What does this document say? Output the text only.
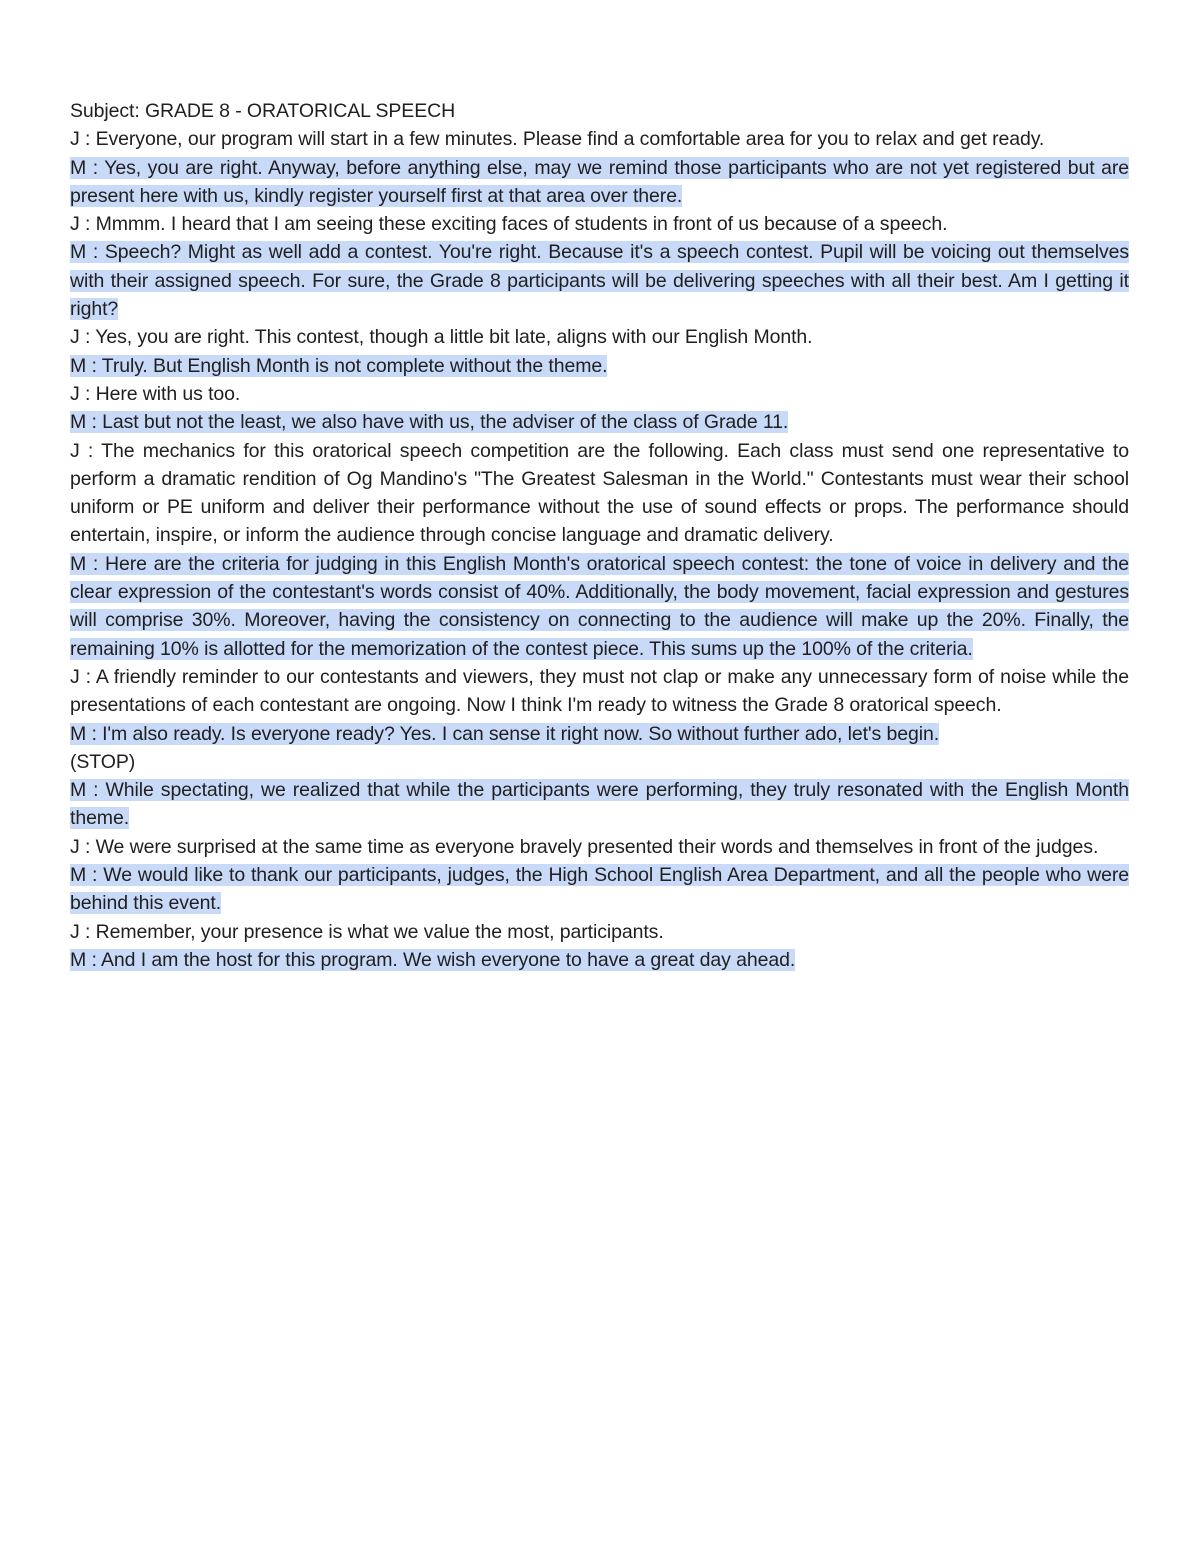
Subject: GRADE 8 - ORATORICAL SPEECH
J : Everyone, our program will start in a few minutes. Please find a comfortable area for you to relax and get ready.
M : Yes, you are right. Anyway, before anything else, may we remind those participants who are not yet registered but are present here with us, kindly register yourself first at that area over there.
J : Mmmm. I heard that I am seeing these exciting faces of students in front of us because of a speech.
M : Speech? Might as well add a contest. You're right. Because it's a speech contest. Pupil will be voicing out themselves with their assigned speech. For sure, the Grade 8 participants will be delivering speeches with all their best. Am I getting it right?
J : Yes, you are right. This contest, though a little bit late, aligns with our English Month.
M : Truly. But English Month is not complete without the theme.
J : Here with us too.
M : Last but not the least, we also have with us, the adviser of the class of Grade 11.
J : The mechanics for this oratorical speech competition are the following. Each class must send one representative to perform a dramatic rendition of Og Mandino's "The Greatest Salesman in the World." Contestants must wear their school uniform or PE uniform and deliver their performance without the use of sound effects or props. The performance should entertain, inspire, or inform the audience through concise language and dramatic delivery.
M : Here are the criteria for judging in this English Month's oratorical speech contest: the tone of voice in delivery and the clear expression of the contestant's words consist of 40%. Additionally, the body movement, facial expression and gestures will comprise 30%. Moreover, having the consistency on connecting to the audience will make up the 20%. Finally, the remaining 10% is allotted for the memorization of the contest piece. This sums up the 100% of the criteria.
J : A friendly reminder to our contestants and viewers, they must not clap or make any unnecessary form of noise while the presentations of each contestant are ongoing. Now I think I'm ready to witness the Grade 8 oratorical speech.
M : I'm also ready. Is everyone ready? Yes. I can sense it right now. So without further ado, let's begin.
(STOP)
M : While spectating, we realized that while the participants were performing, they truly resonated with the English Month theme.
J : We were surprised at the same time as everyone bravely presented their words and themselves in front of the judges.
M : We would like to thank our participants, judges, the High School English Area Department, and all the people who were behind this event.
J : Remember, your presence is what we value the most, participants.
M : And I am the host for this program. We wish everyone to have a great day ahead.
